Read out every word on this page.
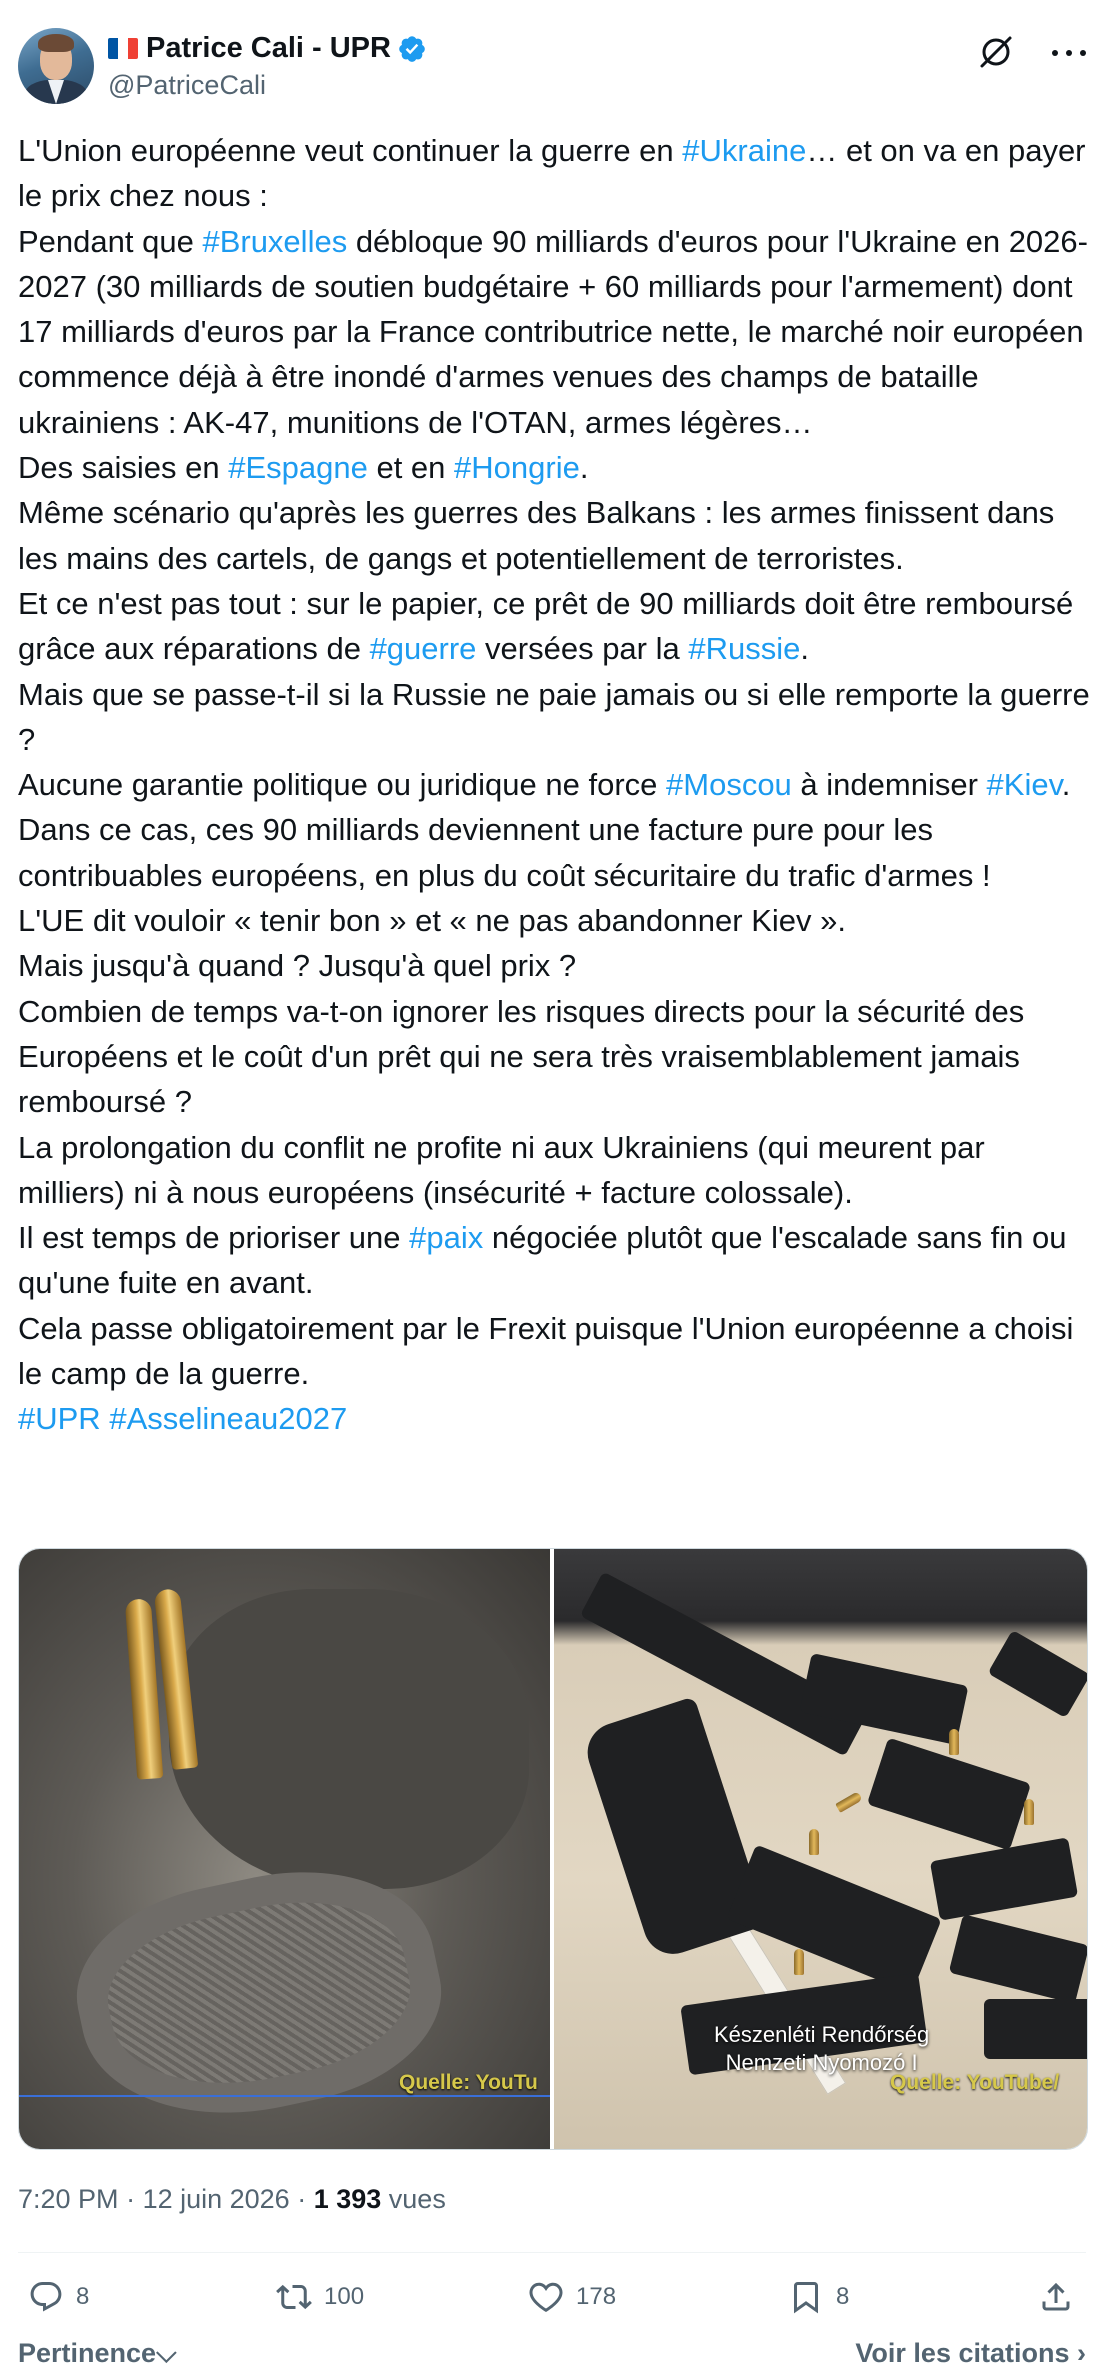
Patrice Cali - UPR
@PatriceCali

L'Union européenne veut continuer la guerre en #Ukraine… et on va en payer le prix chez nous :

Pendant que #Bruxelles débloque 90 milliards d'euros pour l'Ukraine en 2026-2027 (30 milliards de soutien budgétaire + 60 milliards pour l'armement) dont 17 milliards d'euros par la France contributrice nette, le marché noir européen commence déjà à être inondé d'armes venues des champs de bataille ukrainiens : AK-47, munitions de l'OTAN, armes légères…

Des saisies en #Espagne et en #Hongrie.

Même scénario qu'après les guerres des Balkans : les armes finissent dans les mains des cartels, de gangs et potentiellement de terroristes.

Et ce n'est pas tout : sur le papier, ce prêt de 90 milliards doit être remboursé grâce aux réparations de #guerre versées par la #Russie.

Mais que se passe-t-il si la Russie ne paie jamais ou si elle remporte la guerre ?

Aucune garantie politique ou juridique ne force #Moscou à indemniser #Kiev.

Dans ce cas, ces 90 milliards deviennent une facture pure pour les contribuables européens, en plus du coût sécuritaire du trafic d'armes !

L'UE dit vouloir « tenir bon » et « ne pas abandonner Kiev ».

Mais jusqu'à quand ? Jusqu'à quel prix ?

Combien de temps va-t-on ignorer les risques directs pour la sécurité des Européens et le coût d'un prêt qui ne sera très vraisemblablement jamais remboursé ?

La prolongation du conflit ne profite ni aux Ukrainiens (qui meurent par milliers) ni à nous européens (insécurité + facture colossale).

Il est temps de prioriser une #paix négociée plutôt que l'escalade sans fin ou qu'une fuite en avant.

Cela passe obligatoirement par le Frexit puisque l'Union européenne a choisi le camp de la guerre.

#UPR #Asselineau2027

Quelle: YouTu
Készenléti Rendőrség
Nemzeti Nyomozó I
Quelle: YouTube/
7:20 PM · 12 juin 2026 · 1 393 vues
8	100	178	8
Pertinence⌵	Voir les citations ›
